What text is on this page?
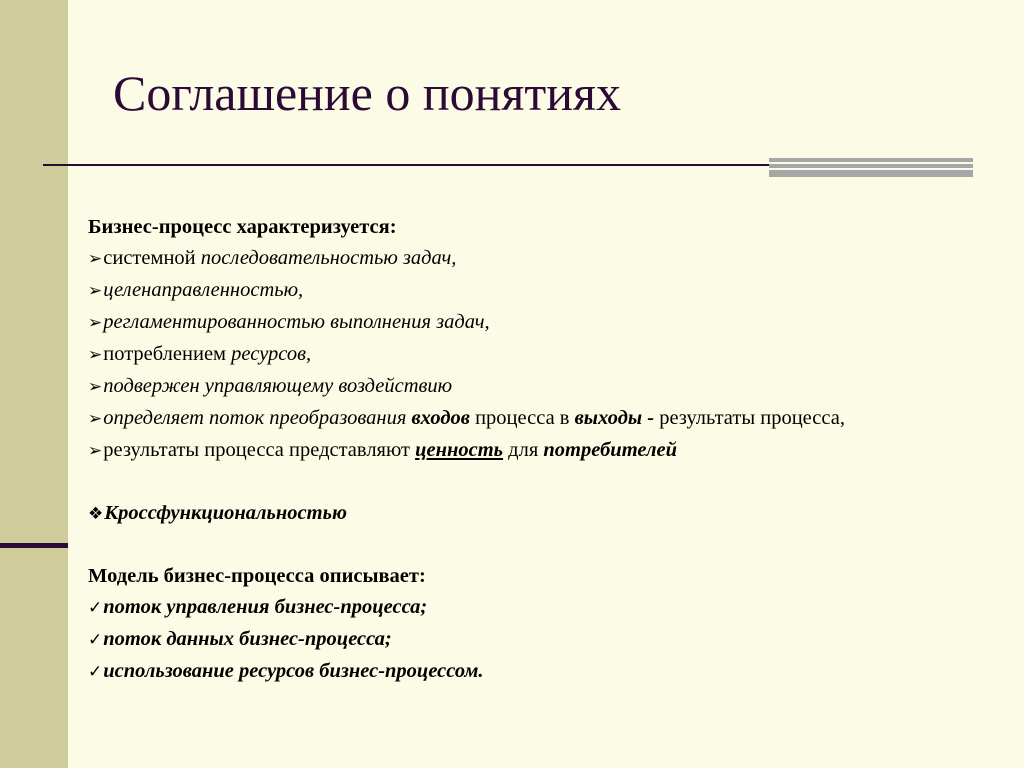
Соглашение о понятиях
Бизнес-процесс характеризуется:
➢системной последовательностью задач,
➢целенаправленностью,
➢регламентированностью выполнения задач,
➢потреблением ресурсов,
➢подвержен управляющему воздействию
➢определяет поток преобразования входов процесса в выходы - результаты процесса,
➢результаты процесса представляют ценность для потребителей
❖Кроссфункциональностью
Модель бизнес-процесса описывает:
✓поток управления бизнес-процесса;
✓поток данных бизнес-процесса;
✓использование ресурсов бизнес-процессом.
